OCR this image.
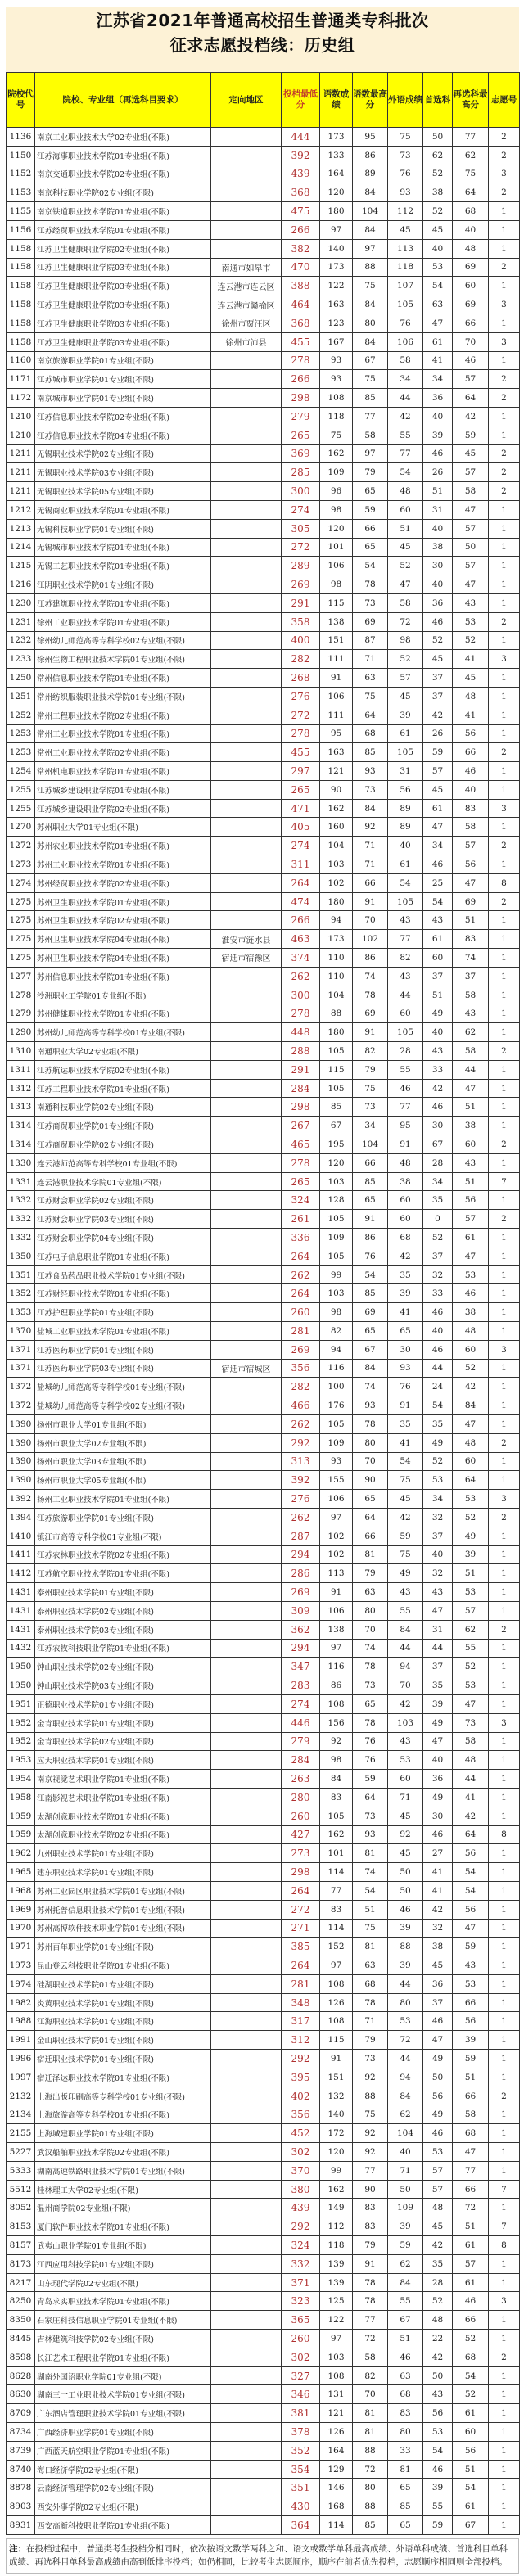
江苏省2021年普通高校招生普通类专科批次
征求志愿投档线：历史组
院校代号	院校、专业组（再选科目要求）	定向地区	投档最低分	语数成绩	语数最高分	外语成绩	首选科	再选科最高分	志愿号
1136	南京工业职业技术大学02专业组(不限)		444	173	95	75	50	77	2
1150	江苏海事职业技术学院01专业组(不限)		392	133	86	73	62	62	2
1152	南京交通职业技术学院02专业组(不限)		439	164	89	76	52	75	3
1153	南京科技职业学院02专业组(不限)		368	120	84	93	38	64	2
1155	南京铁道职业技术学院01专业组(不限)		475	180	104	112	52	68	1
1156	江苏经贸职业技术学院01专业组(不限)		266	97	84	45	45	40	1
1158	江苏卫生健康职业学院02专业组(不限)		382	140	97	113	40	48	1
1158	江苏卫生健康职业学院03专业组(不限)	南通市如皋市	470	173	88	118	53	69	2
1158	江苏卫生健康职业学院03专业组(不限)	连云港市连云区	388	122	75	107	54	60	1
1158	江苏卫生健康职业学院03专业组(不限)	连云港市赣榆区	464	163	84	105	63	69	3
1158	江苏卫生健康职业学院03专业组(不限)	徐州市贾汪区	368	123	80	76	47	66	1
1158	江苏卫生健康职业学院03专业组(不限)	徐州市沛县	455	167	84	106	61	70	3
1160	南京旅游职业学院01专业组(不限)		278	93	67	58	41	46	1
1171	江苏城市职业学院01专业组(不限)		266	93	75	34	34	57	2
1172	南京城市职业学院01专业组(不限)		298	108	85	44	36	64	2
1210	江苏信息职业技术学院02专业组(不限)		279	118	77	42	40	42	1
1210	江苏信息职业技术学院04专业组(不限)		265	75	58	55	39	59	1
1211	无锡职业技术学院02专业组(不限)		369	162	97	77	46	45	2
1211	无锡职业技术学院03专业组(不限)		285	109	79	54	26	57	2
1211	无锡职业技术学院05专业组(不限)		300	96	65	48	51	58	2
1212	无锡商业职业技术学院01专业组(不限)		274	98	59	60	31	47	1
1213	无锡科技职业学院01专业组(不限)		305	120	66	51	40	57	1
1214	无锡城市职业技术学院01专业组(不限)		272	101	65	45	38	50	1
1215	无锡工艺职业技术学院01专业组(不限)		289	106	54	52	30	57	1
1216	江阴职业技术学院01专业组(不限)		269	98	78	47	40	47	1
1230	江苏建筑职业技术学院01专业组(不限)		291	115	73	58	36	43	1
1231	徐州工业职业技术学院01专业组(不限)		358	138	69	72	46	53	2
1232	徐州幼儿师范高等专科学校02专业组(不限)		400	151	87	98	52	52	1
1233	徐州生物工程职业技术学院01专业组(不限)		282	111	71	52	45	41	3
1250	常州信息职业技术学院01专业组(不限)		268	91	63	57	37	45	1
1251	常州纺织服装职业技术学院01专业组(不限)		276	106	75	45	37	48	1
1252	常州工程职业技术学院02专业组(不限)		272	111	64	39	42	41	1
1253	常州工业职业技术学院01专业组(不限)		278	95	68	61	26	56	1
1253	常州工业职业技术学院02专业组(不限)		455	163	85	105	59	66	2
1254	常州机电职业技术学院01专业组(不限)		297	121	93	31	57	46	1
1255	江苏城乡建设职业学院01专业组(不限)		265	90	73	56	45	40	1
1255	江苏城乡建设职业学院02专业组(不限)		471	162	84	89	61	83	3
1270	苏州职业大学01专业组(不限)		405	160	92	89	47	58	1
1272	苏州农业职业技术学院01专业组(不限)		274	104	71	40	34	57	2
1273	苏州工业职业技术学院01专业组(不限)		311	103	71	61	46	56	1
1274	苏州经贸职业技术学院02专业组(不限)		264	102	66	54	25	47	8
1275	苏州卫生职业技术学院01专业组(不限)		474	180	91	105	54	69	2
1275	苏州卫生职业技术学院02专业组(不限)		266	94	70	43	43	51	1
1275	苏州卫生职业技术学院04专业组(不限)	淮安市涟水县	463	173	102	77	61	83	1
1275	苏州卫生职业技术学院04专业组(不限)	宿迁市宿豫区	374	110	86	82	60	74	1
1277	苏州信息职业技术学院01专业组(不限)		262	110	74	43	37	37	1
1278	沙洲职业工学院01专业组(不限)		300	104	78	44	51	58	1
1279	苏州健雄职业技术学院01专业组(不限)		278	88	69	60	49	43	1
1290	苏州幼儿师范高等专科学校01专业组(不限)		448	180	91	105	40	62	1
1310	南通职业大学02专业组(不限)		288	105	82	28	43	58	2
1311	江苏航运职业技术学院02专业组(不限)		291	115	79	55	33	44	1
1312	江苏工程职业技术学院01专业组(不限)		284	105	75	46	42	47	1
1313	南通科技职业学院02专业组(不限)		298	85	73	77	46	51	1
1314	江苏商贸职业学院01专业组(不限)		267	67	34	95	30	38	1
1314	江苏商贸职业学院02专业组(不限)		465	195	104	91	67	60	2
1330	连云港师范高等专科学校01专业组(不限)		278	120	66	48	28	43	1
1331	连云港职业技术学院01专业组(不限)		265	103	85	38	34	51	7
1332	江苏财会职业学院02专业组(不限)		324	128	65	60	35	56	1
1332	江苏财会职业学院03专业组(不限)		261	105	91	60	0	57	2
1332	江苏财会职业学院04专业组(不限)		336	109	86	68	52	61	1
1350	江苏电子信息职业学院01专业组(不限)		264	105	76	42	37	47	1
1351	江苏食品药品职业技术学院01专业组(不限)		262	99	54	35	32	53	1
1352	江苏财经职业技术学院01专业组(不限)		264	103	85	39	33	46	1
1353	江苏护理职业学院01专业组(不限)		260	98	69	41	46	38	1
1370	盐城工业职业技术学院01专业组(不限)		281	82	65	65	40	48	1
1371	江苏医药职业学院01专业组(不限)		269	94	67	30	46	60	3
1371	江苏医药职业学院03专业组(不限)	宿迁市宿城区	356	116	84	93	44	52	1
1372	盐城幼儿师范高等专科学校01专业组(不限)		282	100	74	76	24	42	1
1372	盐城幼儿师范高等专科学校02专业组(不限)		466	176	93	91	54	84	1
1390	扬州市职业大学01专业组(不限)		262	105	78	35	35	47	1
1390	扬州市职业大学02专业组(不限)		292	109	80	41	49	48	2
1390	扬州市职业大学03专业组(不限)		313	93	70	54	52	60	1
1390	扬州市职业大学05专业组(不限)		392	155	90	75	53	64	1
1392	扬州工业职业技术学院01专业组(不限)		276	106	65	45	34	53	3
1394	江苏旅游职业学院01专业组(不限)		262	97	64	42	32	52	2
1410	镇江市高等专科学校01专业组(不限)		287	102	66	59	37	49	1
1411	江苏农林职业技术学院02专业组(不限)		294	102	81	75	40	39	1
1412	江苏航空职业技术学院01专业组(不限)		286	113	79	49	32	51	1
1431	泰州职业技术学院01专业组(不限)		269	91	63	43	43	53	1
1431	泰州职业技术学院02专业组(不限)		309	106	80	55	47	57	1
1431	泰州职业技术学院03专业组(不限)		362	138	70	84	31	62	2
1432	江苏农牧科技职业学院01专业组(不限)		294	97	74	44	44	55	1
1950	钟山职业技术学院02专业组(不限)		347	116	78	94	37	52	1
1950	钟山职业技术学院03专业组(不限)		283	86	73	70	35	53	1
1951	正德职业技术学院01专业组(不限)		274	108	65	42	39	47	1
1952	金肯职业技术学院01专业组(不限)		446	156	78	103	49	73	3
1952	金肯职业技术学院02专业组(不限)		279	92	76	43	47	58	1
1953	应天职业技术学院01专业组(不限)		284	98	76	53	40	48	1
1954	南京视觉艺术职业学院01专业组(不限)		263	84	59	60	36	44	1
1958	江南影视艺术职业学院01专业组(不限)		280	83	64	71	49	41	1
1959	太湖创意职业技术学院01专业组(不限)		260	105	73	45	30	42	1
1959	太湖创意职业技术学院02专业组(不限)		427	162	93	92	46	64	8
1962	九州职业技术学院01专业组(不限)		273	101	81	45	27	56	1
1965	建东职业技术学院01专业组(不限)		298	114	74	50	41	54	1
1968	苏州工业园区职业技术学院01专业组(不限)		264	77	54	50	41	54	1
1969	苏州托普信息职业技术学院01专业组(不限)		272	83	51	46	42	56	1
1970	苏州高博软件技术职业学院01专业组(不限)		271	114	75	39	32	47	1
1971	苏州百年职业学院01专业组(不限)		385	152	81	88	38	59	1
1973	昆山登云科技职业学院01专业组(不限)		264	97	63	39	45	43	1
1974	硅湖职业技术学院01专业组(不限)		281	108	68	44	36	53	1
1982	炎黄职业技术学院01专业组(不限)		348	126	78	80	37	66	1
1988	江海职业技术学院01专业组(不限)		317	108	71	53	46	56	1
1991	金山职业技术学院01专业组(不限)		312	115	79	72	47	39	1
1996	宿迁职业技术学院01专业组(不限)		292	91	73	44	49	59	1
1997	宿迁泽达职业技术学院01专业组(不限)		395	151	92	94	50	51	1
2132	上海出版印刷高等专科学校01专业组(不限)		402	132	88	84	56	66	2
2134	上海旅游高等专科学校01专业组(不限)		356	140	75	62	49	58	1
2155	上海城建职业学院01专业组(不限)		452	172	92	104	46	68	1
5227	武汉船舶职业技术学院02专业组(不限)		302	120	92	40	53	47	1
5333	湖南高速铁路职业技术学院01专业组(不限)		370	99	77	71	57	77	1
5512	桂林理工大学02专业组(不限)		380	162	90	50	57	66	7
8052	温州商学院02专业组(不限)		439	149	83	109	48	72	1
8153	厦门软件职业技术学院01专业组(不限)		292	112	83	39	45	51	7
8157	武夷山职业学院01专业组(不限)		324	118	79	59	42	61	8
8173	江西应用科技学院01专业组(不限)		332	139	91	62	35	57	1
8217	山东现代学院02专业组(不限)		371	139	78	84	28	61	1
8250	青岛求实职业技术学院01专业组(不限)		323	125	78	55	52	46	3
8350	石家庄科技信息职业学院01专业组(不限)		365	122	77	67	48	66	1
8445	吉林建筑科技学院02专业组(不限)		260	97	72	51	22	52	1
8598	长江艺术工程职业学院01专业组(不限)		302	103	58	46	42	68	2
8628	湖南外国语职业学院01专业组(不限)		327	108	82	63	50	54	1
8630	湖南三一工业职业技术学院01专业组(不限)		346	131	70	68	43	52	1
8709	广东酒店管理职业技术学院01专业组(不限)		381	121	81	83	56	61	1
8734	广西经济职业学院01专业组(不限)		378	126	81	80	53	60	1
8739	广西蓝天航空职业学院01专业组(不限)		352	164	88	33	54	56	1
8740	海口经济学院02专业组(不限)		354	129	72	81	46	51	1
8878	云南经济管理学院02专业组(不限)		351	146	80	65	39	54	1
8903	西安外事学院02专业组(不限)		430	168	88	85	55	61	1
8931	西安高新科技职业学院01专业组(不限)		364	114	85	65	59	67	1
注：在投档过程中，普通类考生投档分相同时，依次按语文数学两科之和、语文或数学单科最高成绩、外语单科成绩、首选科目单科成绩、再选科目单科最高成绩由高到低排序投档；如仍相同，比较考生志愿顺序，顺序在前者优先投档，志愿顺序相同则全部投档。
